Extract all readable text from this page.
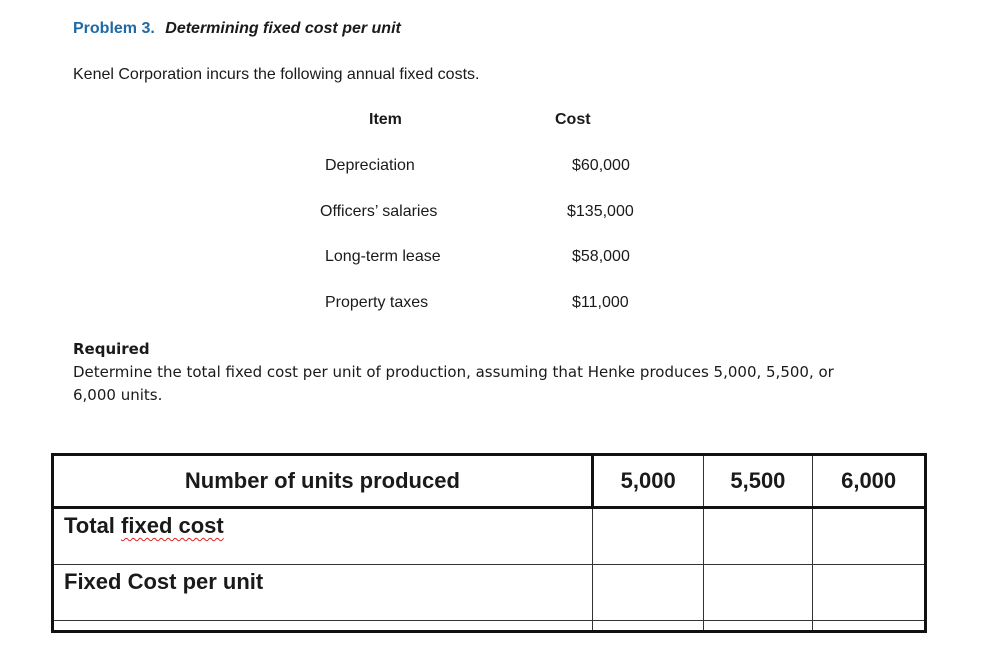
Problem 3. Determining fixed cost per unit
Kenel Corporation incurs the following annual fixed costs.
Item	Cost
Depreciation	$60,000
Officers’ salaries	$135,000
Long-term lease	$58,000
Property taxes	$11,000
Required
Determine the total fixed cost per unit of production, assuming that Henke produces 5,000, 5,500, or 6,000 units.
Number of units produced	5,000	5,500	6,000
Total fixed cost			
Fixed Cost per unit			
